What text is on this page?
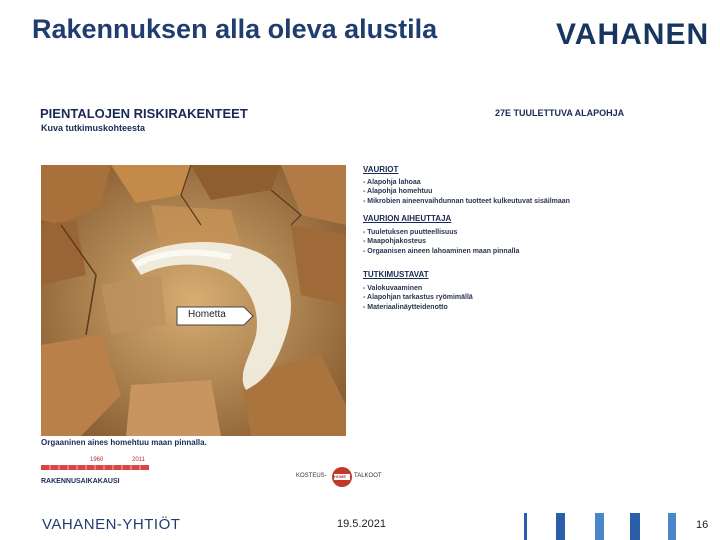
Rakennuksen alla oleva alustila	VAHANEN
PIENTALOJEN RISKIRAKENTEET
Kuva tutkimuskohteesta
27E TUULETTUVA ALAPOHJA
Hometta
Orgaaninen aines homehtuu maan pinnalla.
VAURIOT
- Alapohja lahoaa
- Alapohja homehtuu
- Mikrobien aineenvaihdunnan tuotteet kulkeutuvat sisäilmaan
VAURION AIHEUTTAJA
- Tuuletuksen puutteellisuus
- Maapohjakosteus
- Orgaanisen aineen lahoaminen maan pinnalla
TUTKIMUSTAVAT
- Valokuvaaminen
- Alapohjan tarkastus ryömimällä
- Materiaalinäytteidenotto
1960	2011
RAKENNUSAIKAKAUSI
KOSTEUS- HOME TALKOOT
VAHANEN-YHTIÖT	19.5.2021	16
